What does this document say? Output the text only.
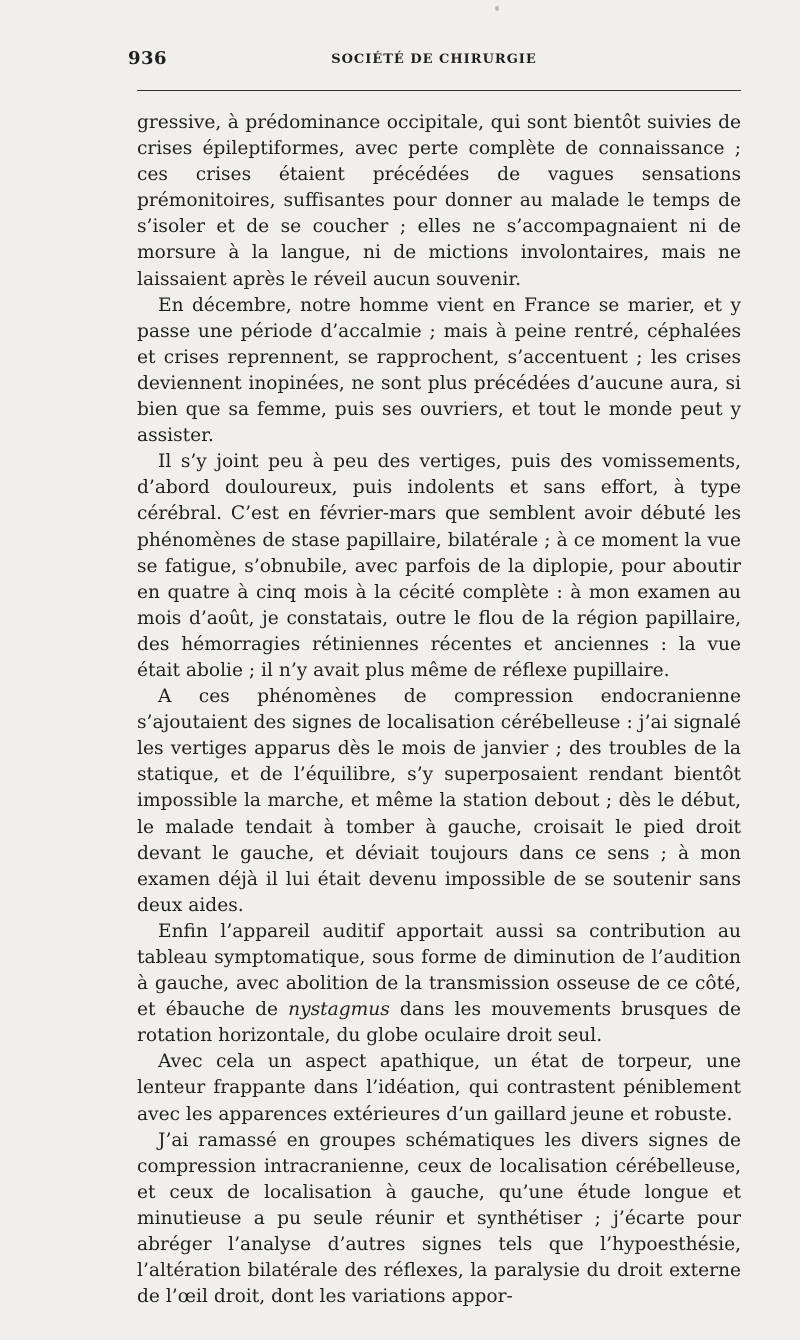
936	SOCIÉTÉ DE CHIRURGIE

gressive, à prédominance occipitale, qui sont bientôt suivies de crises épileptiformes, avec perte complète de connaissance ; ces crises étaient précédées de vagues sensations prémonitoires, suffisantes pour donner au malade le temps de s’isoler et de se coucher ; elles ne s’accompagnaient ni de morsure à la langue, ni de mictions involontaires, mais ne laissaient après le réveil aucun souvenir.

En décembre, notre homme vient en France se marier, et y passe une période d’accalmie ; mais à peine rentré, céphalées et crises reprennent, se rapprochent, s’accentuent ; les crises deviennent inopinées, ne sont plus précédées d’aucune aura, si bien que sa femme, puis ses ouvriers, et tout le monde peut y assister.

Il s’y joint peu à peu des vertiges, puis des vomissements, d’abord douloureux, puis indolents et sans effort, à type cérébral. C’est en février-mars que semblent avoir débuté les phénomènes de stase papillaire, bilatérale ; à ce moment la vue se fatigue, s’obnubile, avec parfois de la diplopie, pour aboutir en quatre à cinq mois à la cécité complète : à mon examen au mois d’août, je constatais, outre le flou de la région papillaire, des hémorragies rétiniennes récentes et anciennes : la vue était abolie ; il n’y avait plus même de réflexe pupillaire.

A ces phénomènes de compression endocranienne s’ajoutaient des signes de localisation cérébelleuse : j’ai signalé les vertiges apparus dès le mois de janvier ; des troubles de la statique, et de l’équilibre, s’y superposaient rendant bientôt impossible la marche, et même la station debout ; dès le début, le malade tendait à tomber à gauche, croisait le pied droit devant le gauche, et déviait toujours dans ce sens ; à mon examen déjà il lui était devenu impossible de se soutenir sans deux aides.

Enfin l’appareil auditif apportait aussi sa contribution au tableau symptomatique, sous forme de diminution de l’audition à gauche, avec abolition de la transmission osseuse de ce côté, et ébauche de nystagmus dans les mouvements brusques de rotation horizontale, du globe oculaire droit seul.

Avec cela un aspect apathique, un état de torpeur, une lenteur frappante dans l’idéation, qui contrastent péniblement avec les apparences extérieures d’un gaillard jeune et robuste.

J’ai ramassé en groupes schématiques les divers signes de compression intracranienne, ceux de localisation cérébelleuse, et ceux de localisation à gauche, qu’une étude longue et minutieuse a pu seule réunir et synthétiser ; j’écarte pour abréger l’analyse d’autres signes tels que l’hypoesthésie, l’altération bilatérale des réflexes, la paralysie du droit externe de l’œil droit, dont les variations appor-
